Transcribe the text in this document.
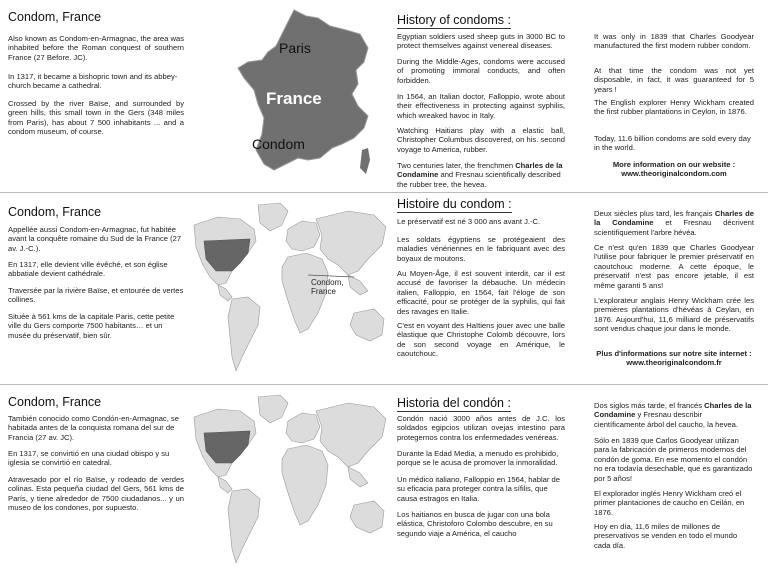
Condom, France
Also known as Condom-en-Armagnac, the area was inhabited before the Roman conquest of southern France (27 Before. JC).
In 1317, it became a bishopric town and its abbey-church became a cathedral.
Crossed by the river Baïse, and surrounded by green hills, this small town in the Gers (348 miles from Paris), has about 7 500 inhabitants ... and a condom museum, of course.
Paris
France
Condom
History of condoms :
Egyptian soldiers used sheep guts in 3000 BC to protect themselves against venereal diseases.
During the Middle-Ages, condoms were accused of promoting immoral conducts, and often forbidden.
In 1564, an Italian doctor, Falloppio, wrote about their effectiveness in protecting against syphilis, which wreaked havoc in Italy.
Watching Haitians play with a elastic ball, Christopher Columbus discovered, on his. second voyage to America, rubber.
Two centuries later, the frenchmen Charles de la Condamine and Fresnau scientifically described the rubber tree, the hevea.
It was only in 1839 that Charles Goodyear manufactured the first modern rubber condom.
At that time the condom was not yet disposable, in fact, it was guaranteed for 5 years !
The English explorer Henry Wickham created the first rubber plantations in Ceylon, in 1876.
Today, 11.6 billion condoms are sold every day in the world.
More information on our website :
www.theoriginalcondom.com
Condom, France
Appellée aussi Condom-en-Armagnac, fut habitée avant la conquête romaine du Sud de la France (27 av. J.-C.).
En 1317, elle devient ville évêché, et son église abbatiale devient cathédrale.
Traversée par la rivière Baïse, et entourée de vertes collines.
Située à 561 kms de la capitale Paris, cette petite ville du Gers comporte 7500 habitants… et un musée du préservatif, bien sûr.
Condom, France
Histoire du condom :
Le préservatif est né 3 000 ans avant J.-C.
Les soldats égyptiens se protégeaient des maladies vénériennes en le fabriquant avec des boyaux de moutons.
Au Moyen-Âge, il est souvent interdit, car il est accusé de favoriser la débauche. Un médecin italien, Falloppio, en 1564, fait l'éloge de son efficacité, pour se protéger de la syphilis, qui fait des ravages en Italie.
C'est en voyant des Haïtiens jouer avec une balle élastique que Christophe Colomb découvre, lors de son second voyage en Amérique, le caoutchouc.
Deux siècles plus tard, les français Charles de la Condamine et Fresnau décrivent scientifiquement l'arbre hévéa.
Ce n'est qu'en 1839 que Charles Goodyear l'utilise pour fabriquer le premier préservatif en caoutchouc moderne. A cette époque, le préservatif n'est pas encore jetable, il est même garanti 5 ans!
L'explorateur anglais Henry Wickham crée les premières plantations d'hévéas à Ceylan, en 1876. Aujourd'hui, 11,6 milliard de préservatifs sont vendus chaque jour dans le monde.
Plus d'informations sur notre site internet :
www.theoriginalcondom.fr
Condom, France
También conocido como Condón-en-Armagnac, se habitada antes de la conquista romana del sur de Francia (27 av. JC).
En 1317, se convirtió en una ciudad obispo y su iglesia se convirtió en catedral.
Atravesado por el río Baïse, y rodeado de verdes colinas. Esta pequeña ciudad del Gers, 561 kms de París, y tiene alrededor de 7500 ciudadanos... y un museo de los condones, por supuesto.
Historia del condón :
Condón nació 3000 años antes de J.C. los soldados egipcios utilizan ovejas intestino para protegernos contra los enfermedades venéreas.
Durante la Edad Media, a menudo es prohibido, porque se le acusa de promover la inmoralidad.
Un médico italiano, Falloppio en 1564, hablar de su eficacia para proteger contra la sífilis, que causa estragos en Italia.
Los haitianos en busca de jugar con una bola elástica, Christoforo Colombo descubre, en su segundo viaje a América, el caucho
Dos siglos más tarde, el francés Charles de la Condamine y Fresnau describir científicamente árbol del caucho, la hevea.
Sólo en 1839 que Carlos Goodyear utilizan para la fabricación de primeros modernos del condón de goma. En ese momento el condón no era todavía desechable, que es garantizado por 5 años!
El explorador inglés Henry Wickham creó el primer plantaciones de caucho en Ceilán, en 1876.
Hoy en día, 11,6 miles de millones de preservativos se venden en todo el mundo cada día.
